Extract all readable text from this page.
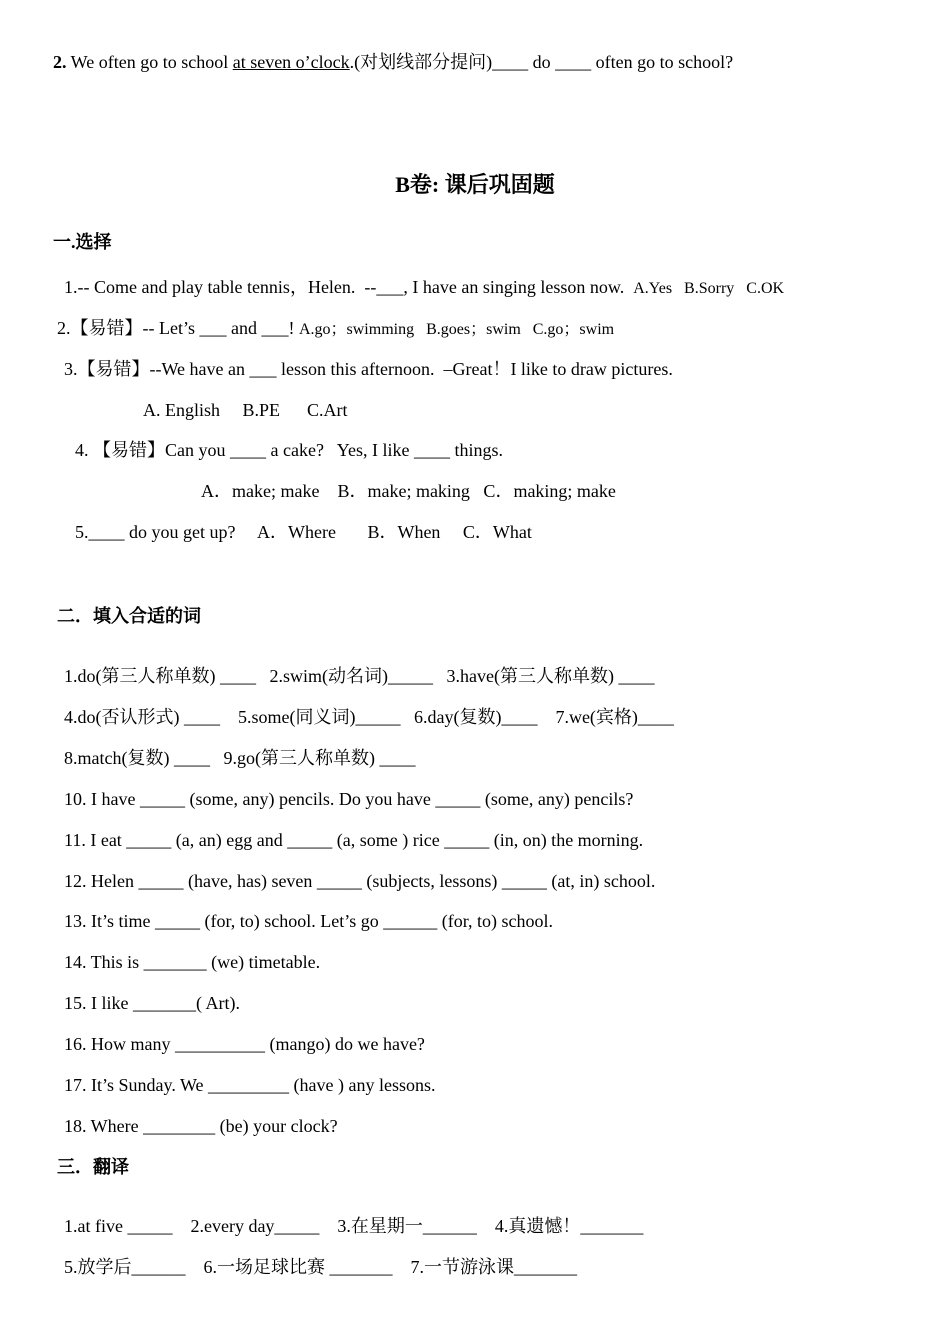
2. We often go to school at seven o’clock.(对划线部分提问)____ do ____ often go to school?
B卷: 课后巩固题
一.选择
1.-- Come and play table tennis，Helen.  --___, I have an singing lesson now. A.Yes   B.Sorry   C.OK
2.【易错】-- Let’s ___ and ___! A.go；swimming   B.goes；swim   C.go；swim
3.【易错】--We have an ___ lesson this afternoon.  –Great！I like to draw pictures.
A. English     B.PE      C.Art
4. 【易错】Can you ____ a cake?   Yes, I like ____ things.
A．make; make    B．make; making   C．making; make
5.____ do you get up?     A．Where       B．When     C．What
二．填入合适的词
1.do(第三人称单数) ____   2.swim(动名词)_____   3.have(第三人称单数) ____
4.do(否认形式) ____    5.some(同义词)_____   6.day(复数)____    7.we(宾格)____
8.match(复数) ____   9.go(第三人称单数) ____
10. I have _____ (some, any) pencils. Do you have _____ (some, any) pencils?
11. I eat _____ (a, an) egg and _____ (a, some ) rice _____ (in, on) the morning.
12. Helen _____ (have, has) seven _____ (subjects, lessons) _____ (at, in) school.
13. It’s time _____ (for, to) school. Let’s go ______ (for, to) school.
14. This is _______ (we) timetable.
15. I like _______( Art).
16. How many __________ (mango) do we have?
17. It’s Sunday. We _________ (have ) any lessons.
18. Where ________ (be) your clock?
三．翻译
1.at five _____    2.every day_____    3.在星期一______    4.真遗憾！_______
5.放学后______    6.一场足球比赛 _______    7.一节游泳课_______
